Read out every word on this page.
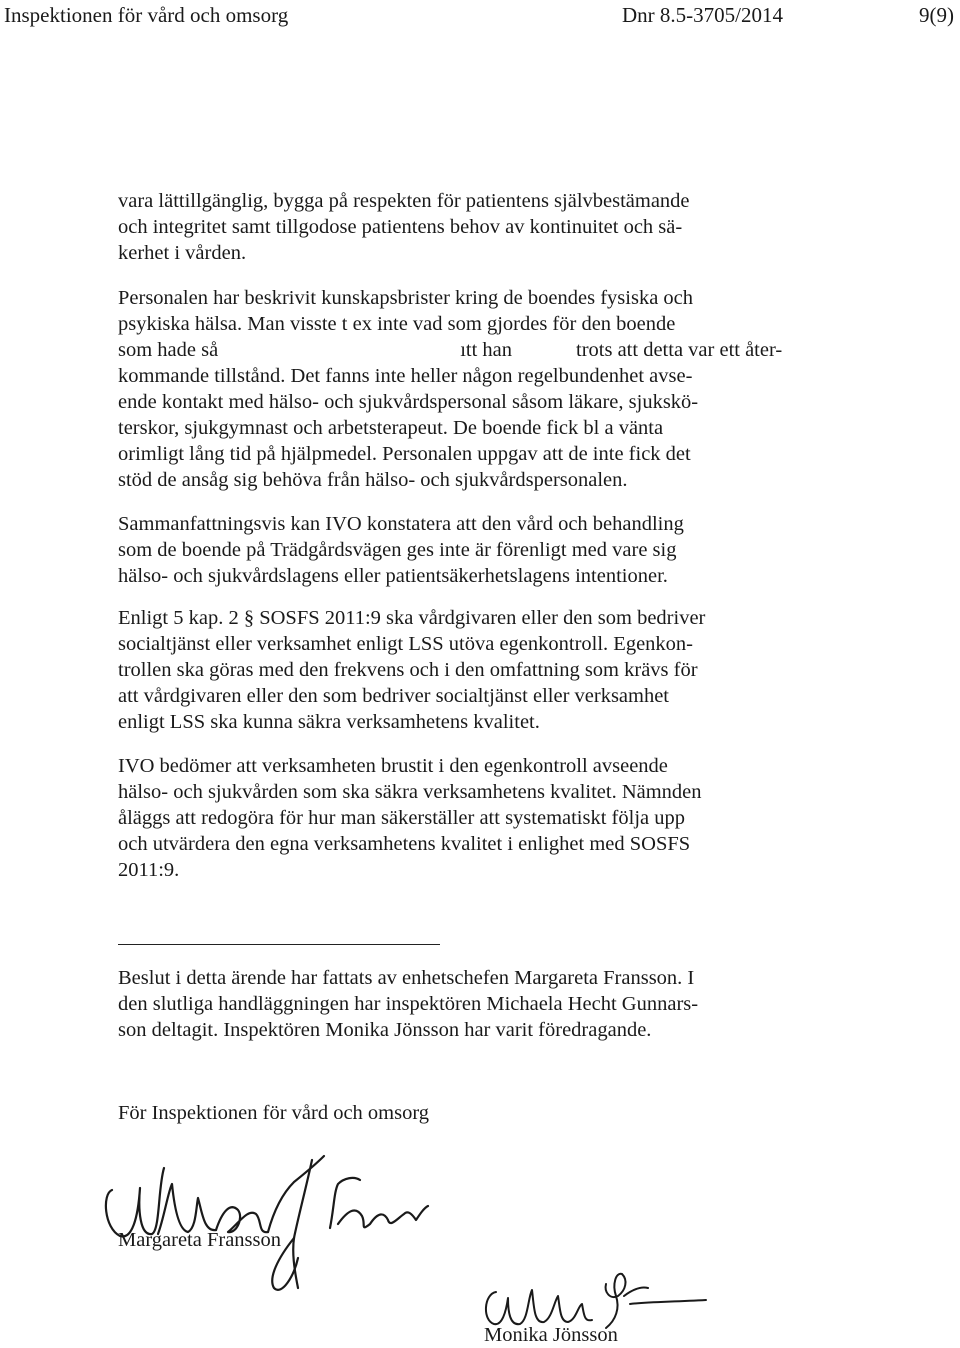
Inspektionen för vård och omsorg	Dnr 8.5-3705/2014	9(9)
vara lättillgänglig, bygga på respekten för patientens självbestämande
och integritet samt tillgodose patientens behov av kontinuitet och sä-
kerhet i vården.
Personalen har beskrivit kunskapsbrister kring de boendes fysiska och
psykiska hälsa. Man visste t ex inte vad som gjordes för den boende
som hade så	ıtt han	trots att detta var ett åter-
kommande tillstånd. Det fanns inte heller någon regelbundenhet avse-
ende kontakt med hälso- och sjukvårdspersonal såsom läkare, sjukskö-
terskor, sjukgymnast och arbetsterapeut. De boende fick bl a vänta
orimligt lång tid på hjälpmedel. Personalen uppgav att de inte fick det
stöd de ansåg sig behöva från hälso- och sjukvårdspersonalen.
Sammanfattningsvis kan IVO konstatera att den vård och behandling
som de boende på Trädgårdsvägen ges inte är förenligt med vare sig
hälso- och sjukvårdslagens eller patientsäkerhetslagens intentioner.
Enligt 5 kap. 2 § SOSFS 2011:9 ska vårdgivaren eller den som bedriver
socialtjänst eller verksamhet enligt LSS utöva egenkontroll. Egenkon-
trollen ska göras med den frekvens och i den omfattning som krävs för
att vårdgivaren eller den som bedriver socialtjänst eller verksamhet
enligt LSS ska kunna säkra verksamhetens kvalitet.
IVO bedömer att verksamheten brustit i den egenkontroll avseende
hälso- och sjukvården som ska säkra verksamhetens kvalitet. Nämnden
åläggs att redogöra för hur man säkerställer att systematiskt följa upp
och utvärdera den egna verksamhetens kvalitet i enlighet med SOSFS
2011:9.
Beslut i detta ärende har fattats av enhetschefen Margareta Fransson. I
den slutliga handläggningen har inspektören Michaela Hecht Gunnars-
son deltagit. Inspektören Monika Jönsson har varit föredragande.
För Inspektionen för vård och omsorg
Margareta Fransson
Monika Jönsson
